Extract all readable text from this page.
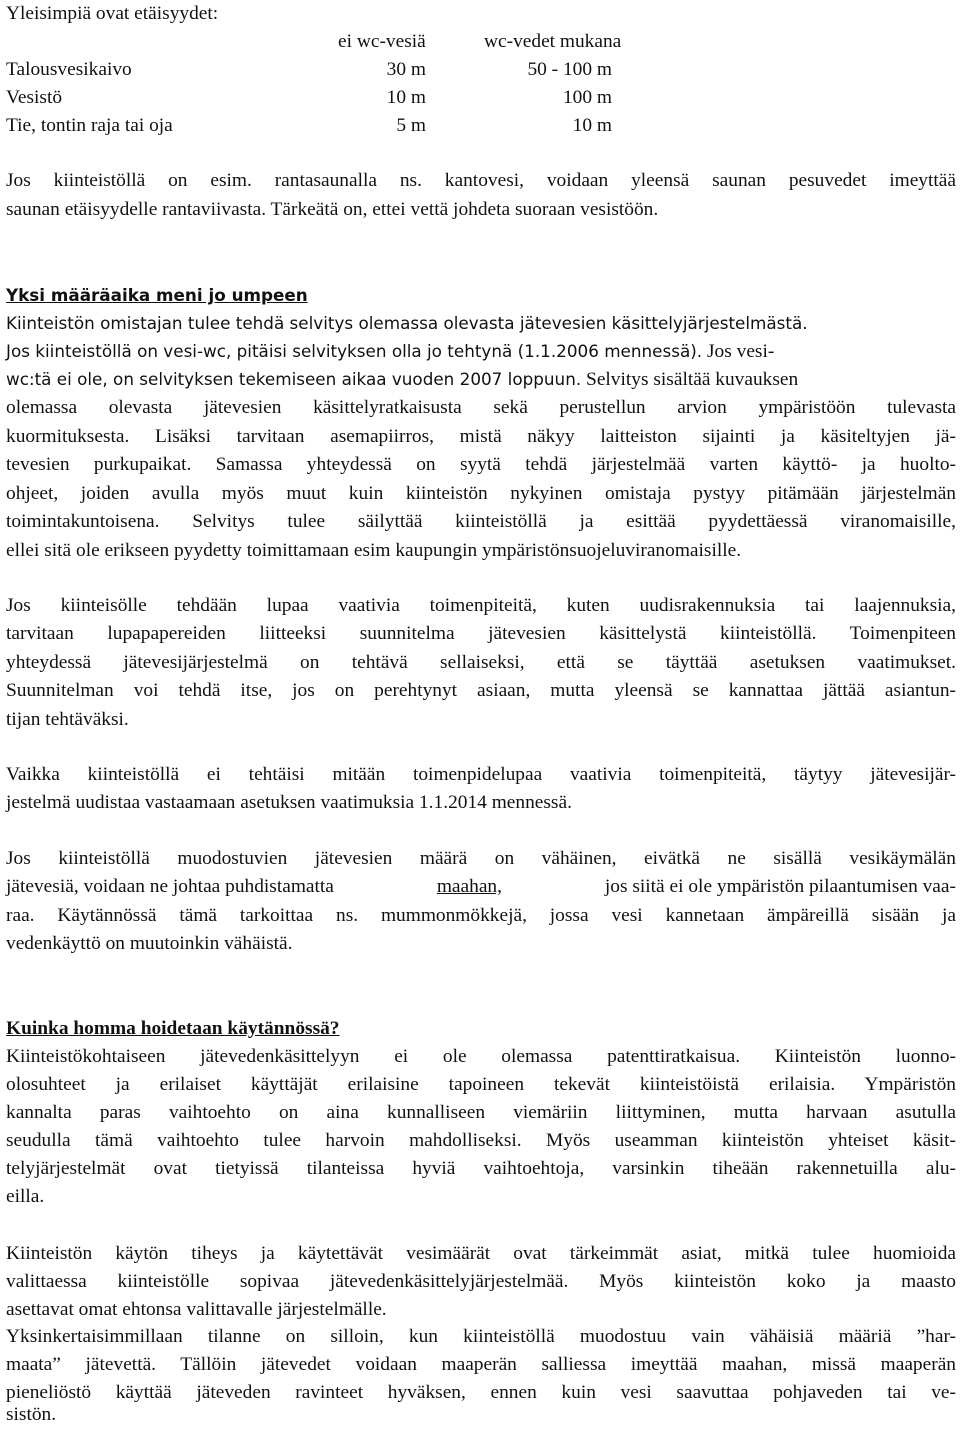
Yleisimpiä ovat etäisyydet:
ei wc-vesiä	wc-vedet mukana
Talousvesikaivo	30 m	50 - 100 m
Vesistö	10 m	100 m
Tie, tontin raja tai oja	5 m	10 m
Jos kiinteistöllä on esim. rantasaunalla ns. kantovesi, voidaan yleensä saunan pesuvedet imeyttää
saunan etäisyydelle rantaviivasta. Tärkeätä on, ettei vettä johdeta suoraan vesistöön.
Yksi määräaika meni jo umpeen
Kiinteistön omistajan tulee tehdä selvitys olemassa olevasta jätevesien käsittelyjärjestelmästä.
Jos kiinteistöllä on vesi-wc, pitäisi selvityksen olla jo tehtynä (1.1.2006 mennessä). Jos vesi-
wc:tä ei ole, on selvityksen tekemiseen aikaa vuoden 2007 loppuun. Selvitys sisältää kuvauksen
olemassa olevasta jätevesien käsittelyratkaisusta sekä perustellun arvion ympäristöön tulevasta
kuormituksesta. Lisäksi tarvitaan asemapiirros, mistä näkyy laitteiston sijainti ja käsiteltyjen jä-
tevesien purkupaikat. Samassa yhteydessä on syytä tehdä järjestelmää varten käyttö- ja huolto-
ohjeet, joiden avulla myös muut kuin kiinteistön nykyinen omistaja pystyy pitämään järjestelmän
toimintakuntoisena. Selvitys tulee säilyttää kiinteistöllä ja esittää pyydettäessä viranomaisille,
ellei sitä ole erikseen pyydetty toimittamaan esim kaupungin ympäristönsuojeluviranomaisille.
Jos kiinteisölle tehdään lupaa vaativia toimenpiteitä, kuten uudisrakennuksia tai laajennuksia,
tarvitaan lupapapereiden liitteeksi suunnitelma jätevesien käsittelystä kiinteistöllä. Toimenpiteen
yhteydessä jätevesijärjestelmä on tehtävä sellaiseksi, että se täyttää asetuksen vaatimukset.
Suunnitelman voi tehdä itse, jos on perehtynyt asiaan, mutta yleensä se kannattaa jättää asiantun-
tijan tehtäväksi.
Vaikka kiinteistöllä ei tehtäisi mitään toimenpidelupaa vaativia toimenpiteitä, täytyy jätevesijär-
jestelmä uudistaa vastaamaan asetuksen vaatimuksia 1.1.2014 mennessä.
Jos kiinteistöllä muodostuvien jätevesien määrä on vähäinen, eivätkä ne sisällä vesikäymälän
jätevesiä, voidaan ne johtaa puhdistamatta	maahan,	jos siitä ei ole ympäristön pilaantumisen vaa-
raa. Käytännössä tämä tarkoittaa ns. mummonmökkejä, jossa vesi kannetaan ämpäreillä sisään ja
vedenkäyttö on muutoinkin vähäistä.
Kuinka homma hoidetaan käytännössä?
Kiinteistökohtaiseen jätevedenkäsittelyyn ei ole olemassa patenttiratkaisua. Kiinteistön luonno-
olosuhteet ja erilaiset käyttäjät erilaisine tapoineen tekevät kiinteistöistä erilaisia. Ympäristön
kannalta paras vaihtoehto on aina kunnalliseen viemäriin liittyminen, mutta harvaan asutulla
seudulla tämä vaihtoehto tulee harvoin mahdolliseksi. Myös useamman kiinteistön yhteiset käsit-
telyjärjestelmät ovat tietyissä tilanteissa hyviä vaihtoehtoja, varsinkin tiheään rakennetuilla alu-
eilla.
Kiinteistön käytön tiheys ja käytettävät vesimäärät ovat tärkeimmät asiat, mitkä tulee huomioida
valittaessa kiinteistölle sopivaa jätevedenkäsittelyjärjestelmää. Myös kiinteistön koko ja maasto
asettavat omat ehtonsa valittavalle järjestelmälle.
Yksinkertaisimmillaan tilanne on silloin, kun kiinteistöllä muodostuu vain vähäisiä määriä ”har-
maata” jätevettä. Tällöin jätevedet voidaan maaperän salliessa imeyttää maahan, missä maaperän
pieneliöstö käyttää jäteveden ravinteet hyväksen, ennen kuin vesi saavuttaa pohjaveden tai ve-
sistön.
